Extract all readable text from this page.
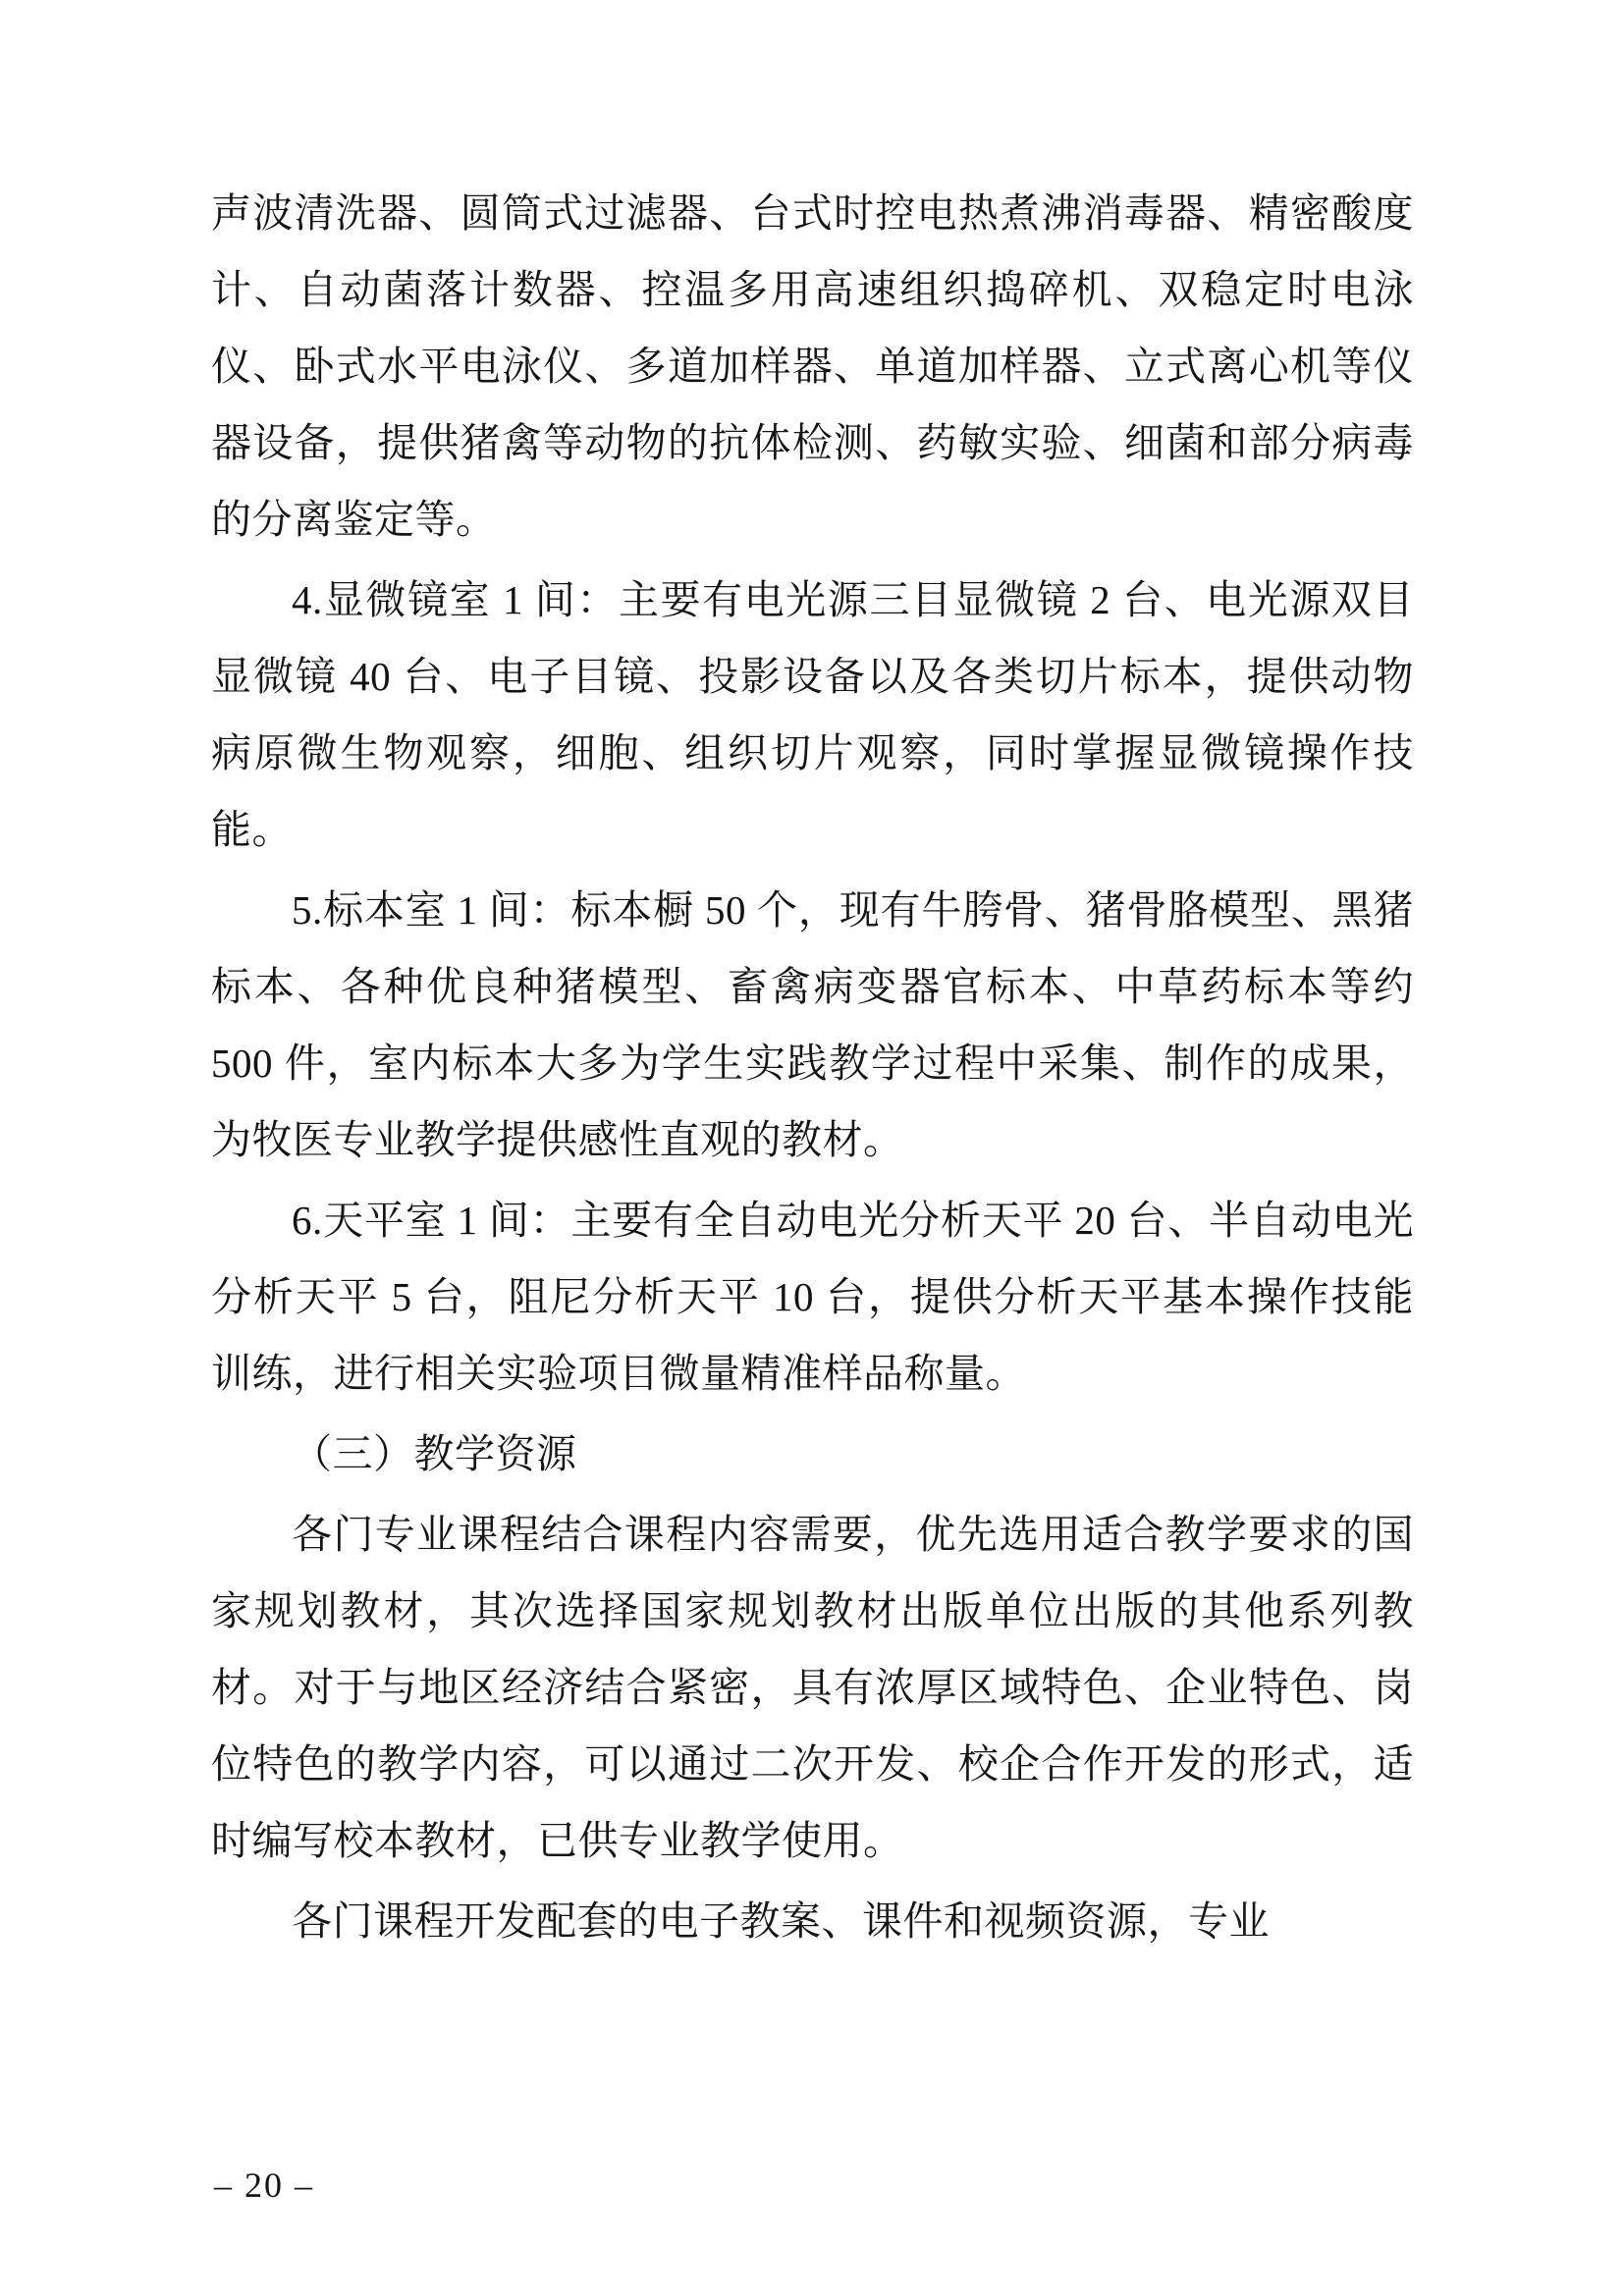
声波清洗器、圆筒式过滤器、台式时控电热煮沸消毒器、精密酸度计、自动菌落计数器、控温多用高速组织捣碎机、双稳定时电泳仪、卧式水平电泳仪、多道加样器、单道加样器、立式离心机等仪器设备，提供猪禽等动物的抗体检测、药敏实验、细菌和部分病毒的分离鉴定等。

4.显微镜室 1 间：主要有电光源三目显微镜 2 台、电光源双目显微镜 40 台、电子目镜、投影设备以及各类切片标本，提供动物病原微生物观察，细胞、组织切片观察，同时掌握显微镜操作技能。

5.标本室 1 间：标本橱 50 个，现有牛胯骨、猪骨胳模型、黑猪标本、各种优良种猪模型、畜禽病变器官标本、中草药标本等约 500 件，室内标本大多为学生实践教学过程中采集、制作的成果，为牧医专业教学提供感性直观的教材。

6.天平室 1 间：主要有全自动电光分析天平 20 台、半自动电光分析天平 5 台，阻尼分析天平 10 台，提供分析天平基本操作技能训练，进行相关实验项目微量精准样品称量。

（三）教学资源

各门专业课程结合课程内容需要，优先选用适合教学要求的国家规划教材，其次选择国家规划教材出版单位出版的其他系列教材。对于与地区经济结合紧密，具有浓厚区域特色、企业特色、岗位特色的教学内容，可以通过二次开发、校企合作开发的形式，适时编写校本教材，已供专业教学使用。

各门课程开发配套的电子教案、课件和视频资源，专业

– 20 –
